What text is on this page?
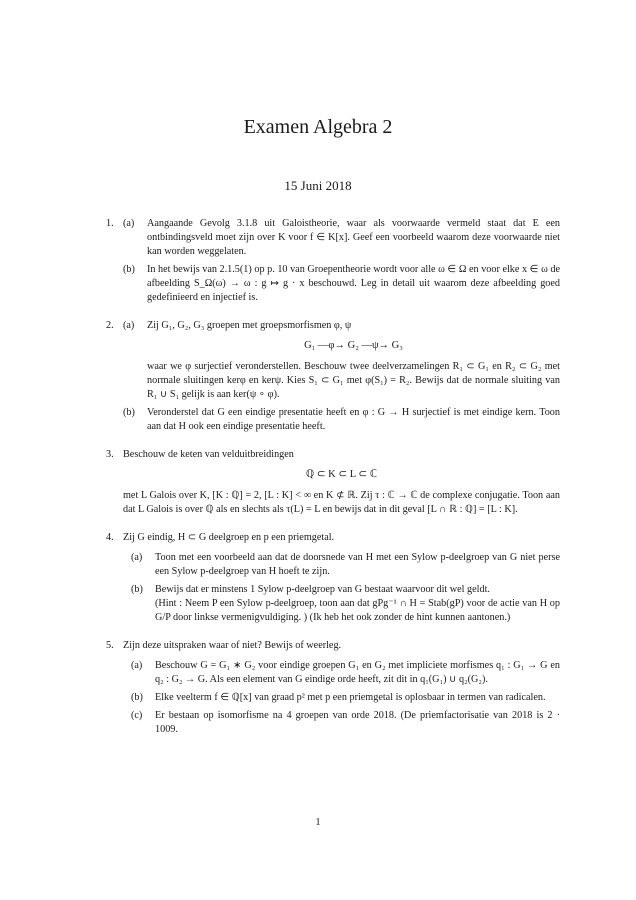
Examen Algebra 2
15 Juni 2018
1. (a)	Aangaande Gevolg 3.1.8 uit Galoistheorie, waar als voorwaarde vermeld staat dat E een ontbindingsveld moet zijn over K voor f ∈ K[x]. Geef een voorbeeld waarom deze voorwaarde niet kan worden weggelaten.
(b)	In het bewijs van 2.1.5(1) op p. 10 van Groepentheorie wordt voor alle ω ∈ Ω en voor elke x ∈ ω de afbeelding S_Ω(ω) → ω : g ↦ g · x beschouwd. Leg in detail uit waarom deze afbeelding goed gedefinieerd en injectief is.
2. (a)	Zij G₁, G₂, G₃ groepen met groepsmorfismen φ, ψ
G₁ —φ→ G₂ —ψ→ G₃
waar we φ surjectief veronderstellen. Beschouw twee deelverzamelingen R₁ ⊂ G₁ en R₂ ⊂ G₂ met normale sluitingen kerφ en kerψ. Kies S₁ ⊂ G₁ met φ(S₁) = R₂. Bewijs dat de normale sluiting van R₁ ∪ S₁ gelijk is aan ker(ψ ∘ φ).
(b)	Veronderstel dat G een eindige presentatie heeft en φ : G → H surjectief is met eindige kern. Toon aan dat H ook een eindige presentatie heeft.
3. Beschouw de keten van velduitbreidingen
ℚ ⊂ K ⊂ L ⊂ ℂ
met L Galois over K, [K : ℚ] = 2, [L : K] < ∞ en K ⊄ ℝ. Zij τ : ℂ → ℂ de complexe conjugatie. Toon aan dat L Galois is over ℚ als en slechts als τ(L) = L en bewijs dat in dit geval [L ∩ ℝ : ℚ] = [L : K].
4. Zij G eindig, H ⊂ G deelgroep en p een priemgetal.
(a)	Toon met een voorbeeld aan dat de doorsnede van H met een Sylow p-deelgroep van G niet perse een Sylow p-deelgroep van H hoeft te zijn.
(b)	Bewijs dat er minstens 1 Sylow p-deelgroep van G bestaat waarvoor dit wel geldt.
(Hint : Neem P een Sylow p-deelgroep, toon aan dat gPg⁻¹ ∩ H = Stab(gP) voor de actie van H op G/P door linkse vermenigvuldiging. ) (Ik heb het ook zonder de hint kunnen aantonen.)
5. Zijn deze uitspraken waar of niet? Bewijs of weerleg.
(a)	Beschouw G = G₁ ∗ G₂ voor eindige groepen G₁ en G₂ met impliciete morfismes q₁ : G₁ → G en q₂ : G₂ → G. Als een element van G eindige orde heeft, zit dit in q₁(G₁) ∪ q₂(G₂).
(b)	Elke veelterm f ∈ ℚ[x] van graad p² met p een priemgetal is oplosbaar in termen van radicalen.
(c)	Er bestaan op isomorfisme na 4 groepen van orde 2018. (De priemfactorisatie van 2018 is 2 · 1009.
1
